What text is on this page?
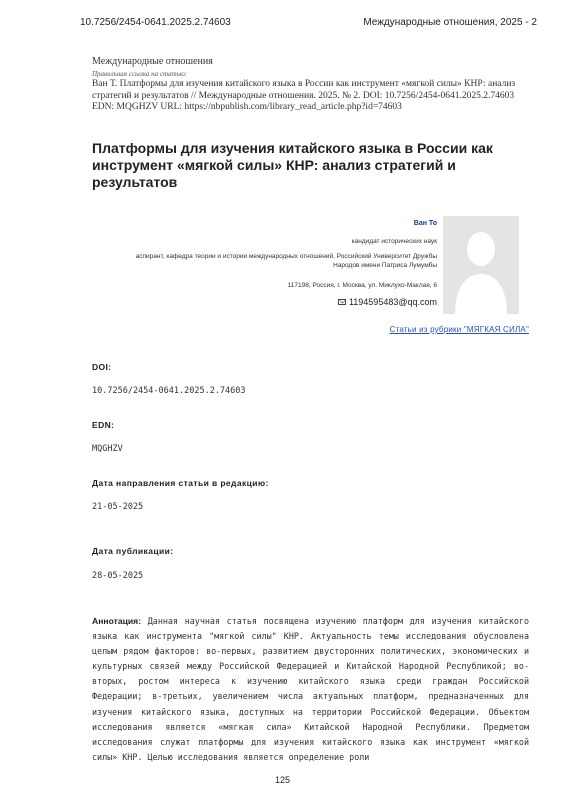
10.7256/2454-0641.2025.2.74603	Международные отношения, 2025 - 2
Международные отношения
Правильная ссылка на статью:
Ван Т. Платформы для изучения китайского языка в России как инструмент «мягкой силы» КНР: анализ стратегий и результатов // Международные отношения. 2025. № 2. DOI: 10.7256/2454-0641.2025.2.74603 EDN: MQGHZV URL: https://nbpublish.com/library_read_article.php?id=74603
Платформы для изучения китайского языка в России как инструмент «мягкой силы» КНР: анализ стратегий и результатов
Ван То
кандидат исторических наук
аспирант, кафедра теории и истории международных отношений, Российский Университет Дружбы Народов имени Патриса Лумумбы
117198, Россия, г. Москва, ул. Миклухо-Маклая, 6
1194595483@qq.com
Статьи из рубрики "МЯГКАЯ СИЛА"
DOI:
10.7256/2454-0641.2025.2.74603
EDN:
MQGHZV
Дата направления статьи в редакцию:
21-05-2025
Дата публикации:
28-05-2025
Аннотация: Данная научная статья посвящена изучению платформ для изучения китайского языка как инструмента "мягкой силы" КНР. Актуальность темы исследования обусловлена целым рядом факторов: во-первых, развитием двусторонних политических, экономических и культурных связей между Российской Федерацией и Китайской Народной Республикой; во-вторых, ростом интереса к изучению китайского языка среди граждан Российской Федерации; в-третьих, увеличением числа актуальных платформ, предназначенных для изучения китайского языка, доступных на территории Российской Федерации. Объектом исследования является «мягкая сила» Китайской Народной Республики. Предметом исследования служат платформы для изучения китайского языка как инструмент «мягкой силы» КНР. Целью исследования является определение роли
125
